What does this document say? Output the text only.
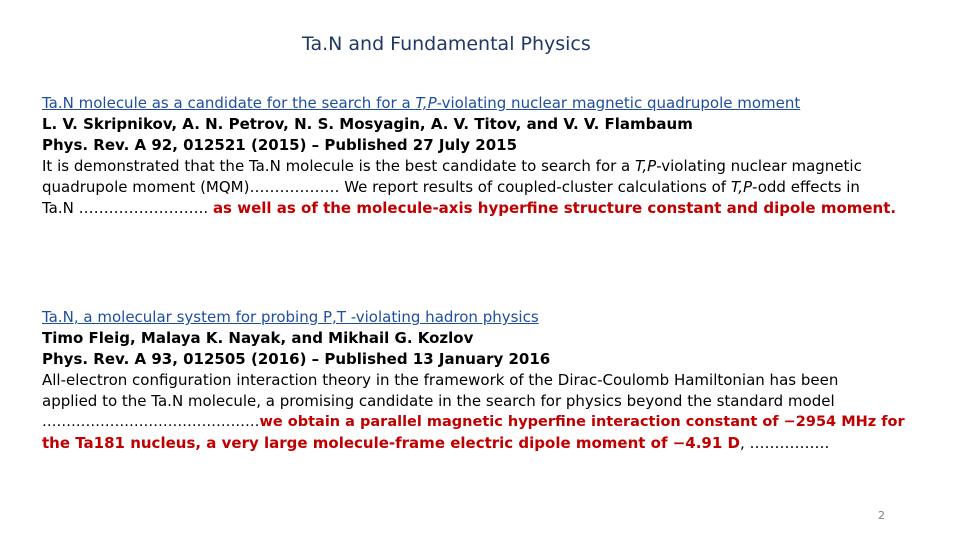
Ta.N and Fundamental Physics
Ta.N molecule as a candidate for the search for a T,P-violating nuclear magnetic quadrupole moment
L. V. Skripnikov, A. N. Petrov, N. S. Mosyagin, A. V. Titov, and V. V. Flambaum
Phys. Rev. A 92, 012521 (2015) – Published 27 July 2015
It is demonstrated that the Ta.N molecule is the best candidate to search for a T,P-violating nuclear magnetic
quadrupole moment (MQM)……………… We report results of coupled-cluster calculations of T,P-odd effects in
Ta.N …………………….. as well as of the molecule-axis hyperfine structure constant and dipole moment.
Ta.N, a molecular system for probing P,T -violating hadron physics
Timo Fleig, Malaya K. Nayak, and Mikhail G. Kozlov
Phys. Rev. A 93, 012505 (2016) – Published 13 January 2016
All-electron configuration interaction theory in the framework of the Dirac-Coulomb Hamiltonian has been
applied to the Ta.N molecule, a promising candidate in the search for physics beyond the standard model
………………………………………we obtain a parallel magnetic hyperfine interaction constant of −2954 MHz for
the Ta181 nucleus, a very large molecule-frame electric dipole moment of −4.91 D, …………….
2
